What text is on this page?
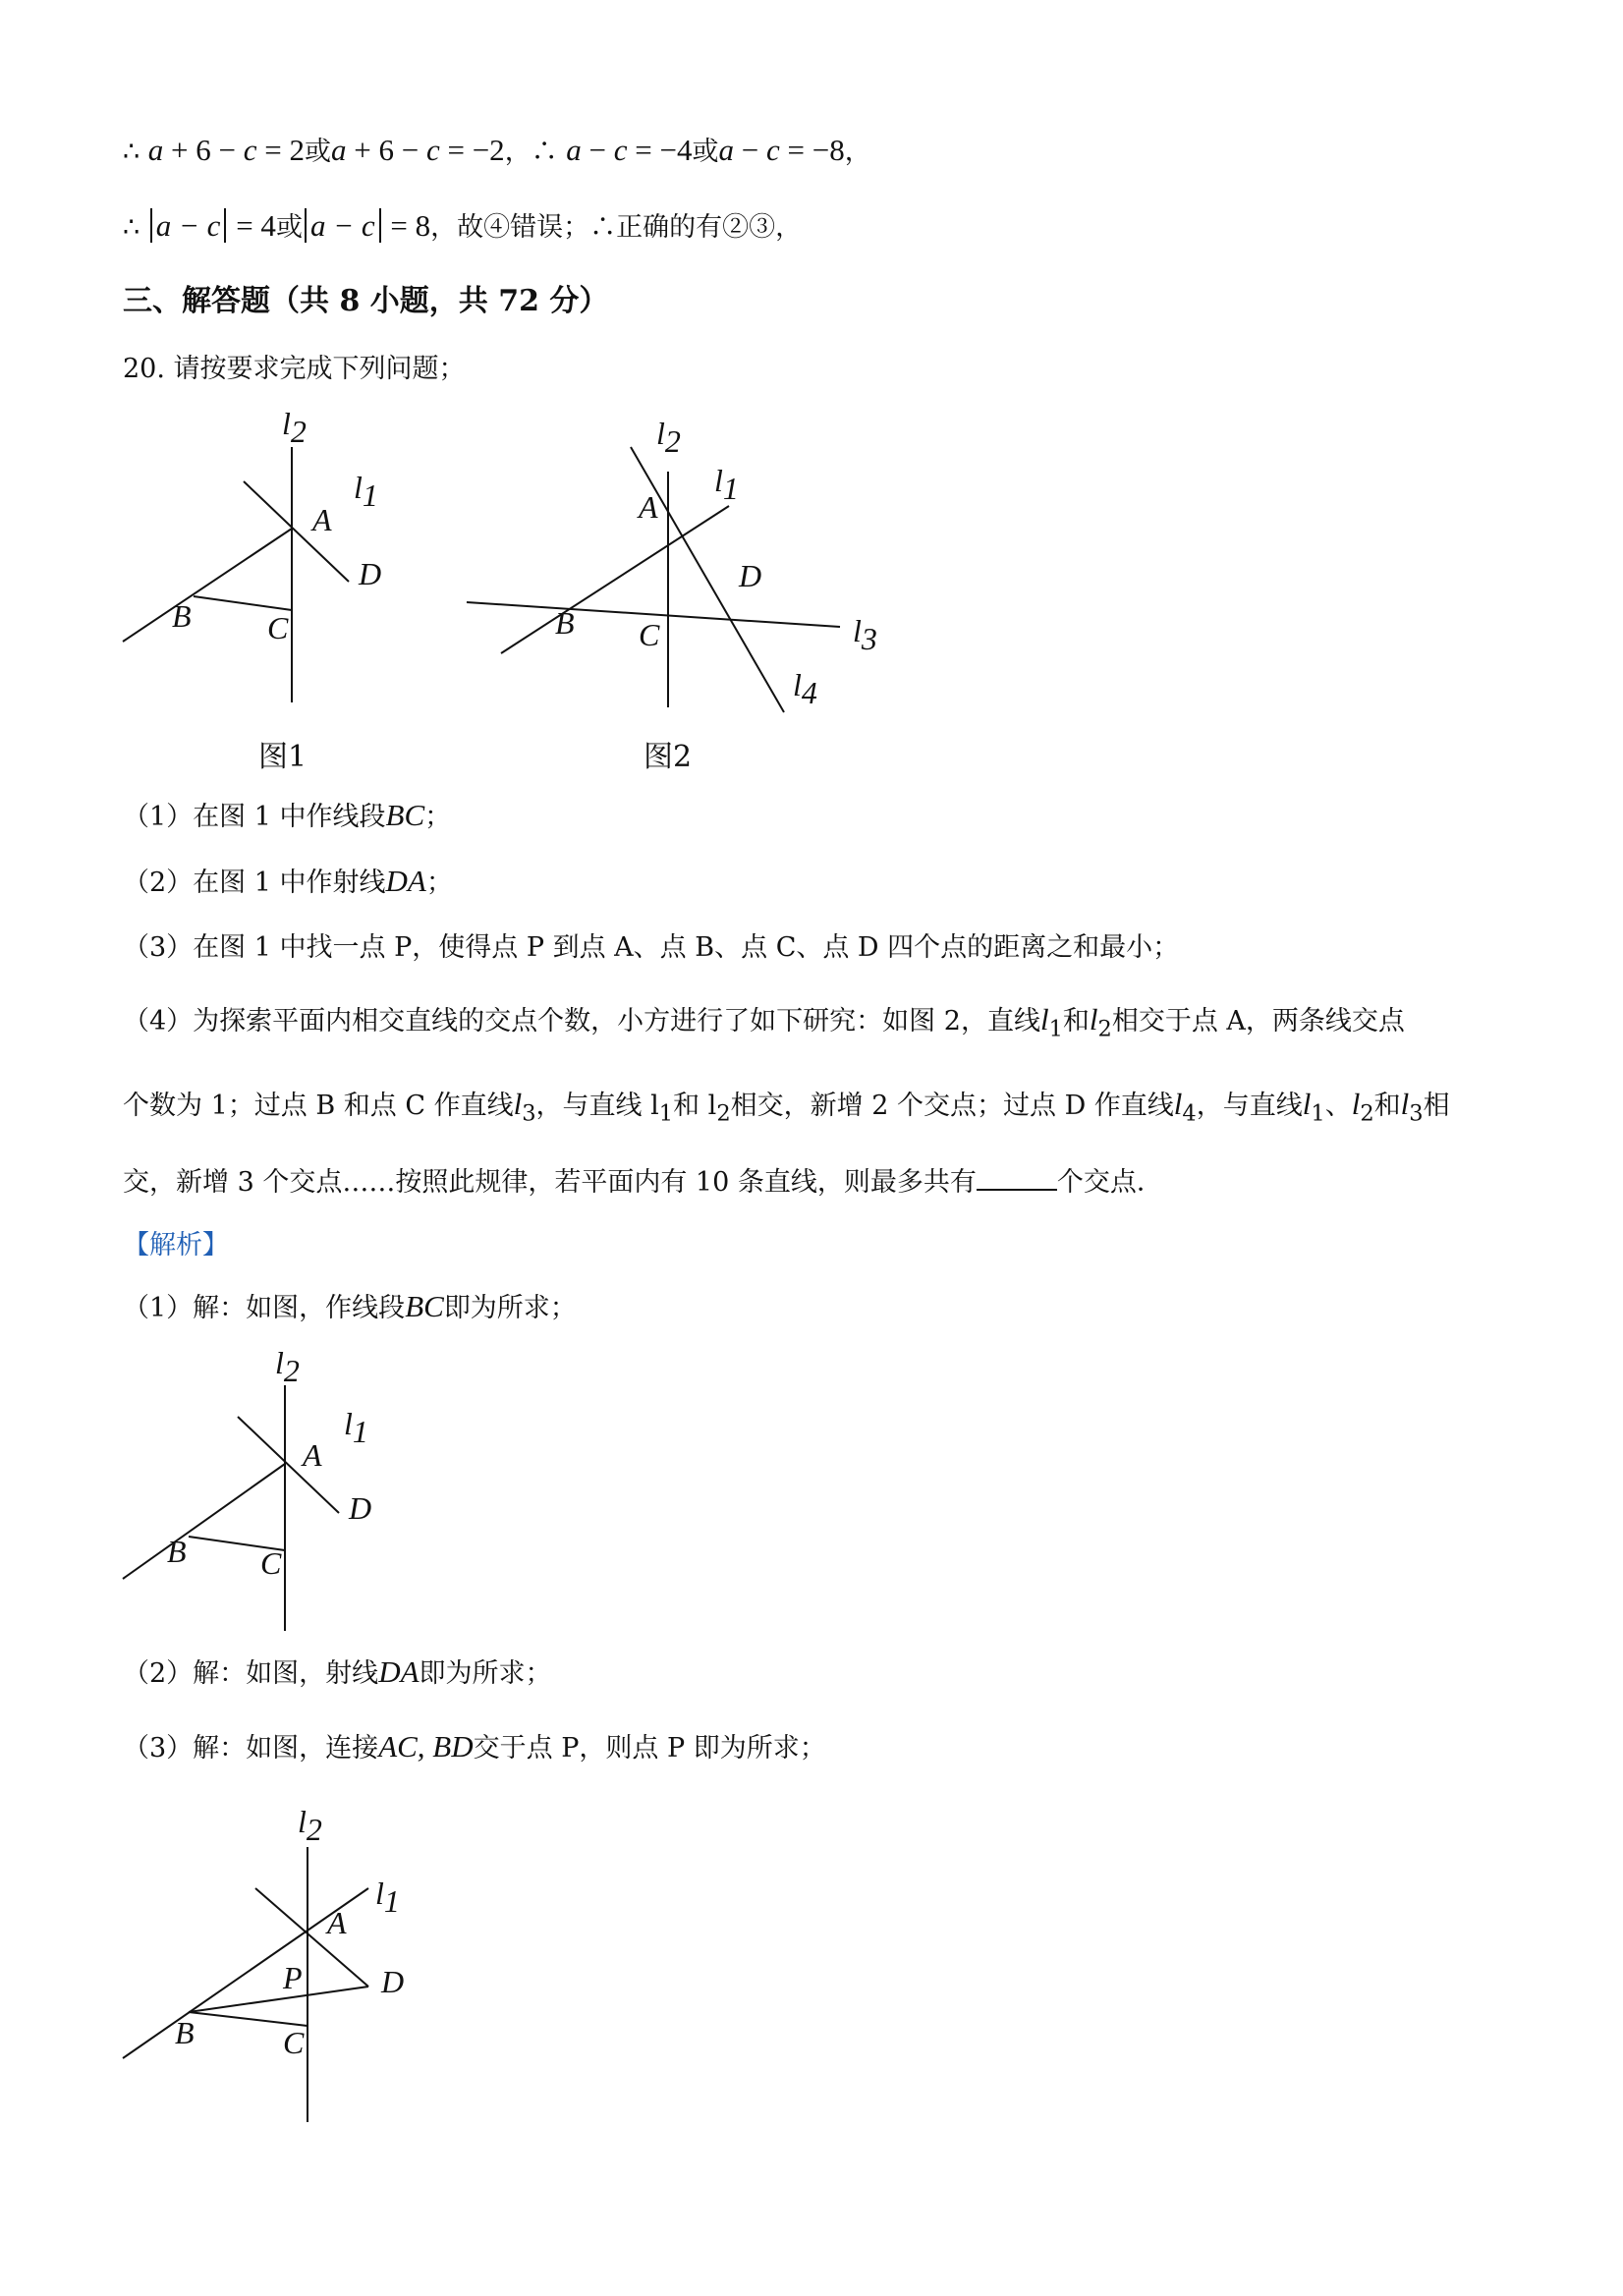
∴ a + 6 − c = 2或a + 6 − c = −2，∴ a − c = −4或a − c = −8，
∴ a − c = 4或 a − c = 8，故④错误；∴正确的有②③，
三、解答题（共 8 小题，共 72 分）
20. 请按要求完成下列问题；
l2
l1
A
D
B C
图1
l2
l1
A
D
B C	l3
l4
图2
（1）在图 1 中作线段BC；
（2）在图 1 中作射线DA；
（3）在图 1 中找一点 P，使得点 P 到点 A、点 B、点 C、点 D 四个点的距离之和最小；
（4）为探索平面内相交直线的交点个数，小方进行了如下研究：如图 2，直线$l_1$和$l_2$相交于点 A，两条线交点
个数为 1；过点 B 和点 C 作直线$l_3$，与直线 $l_1$和 $l_2$相交，新增 2 个交点；过点 D 作直线$l_4$，与直线$l_1$、$l_2$和$l_3$相
交，新增 3 个交点……按照此规律，若平面内有 10 条直线，则最多共有	个交点．
【解析】
（1）解：如图，作线段BC即为所求；
l2
l1
A
D
B C
（2）解：如图，射线DA即为所求；
（3）解：如图，连接AC, BD交于点 P，则点 P 即为所求；
l2
l1
A
P	D
B	C
